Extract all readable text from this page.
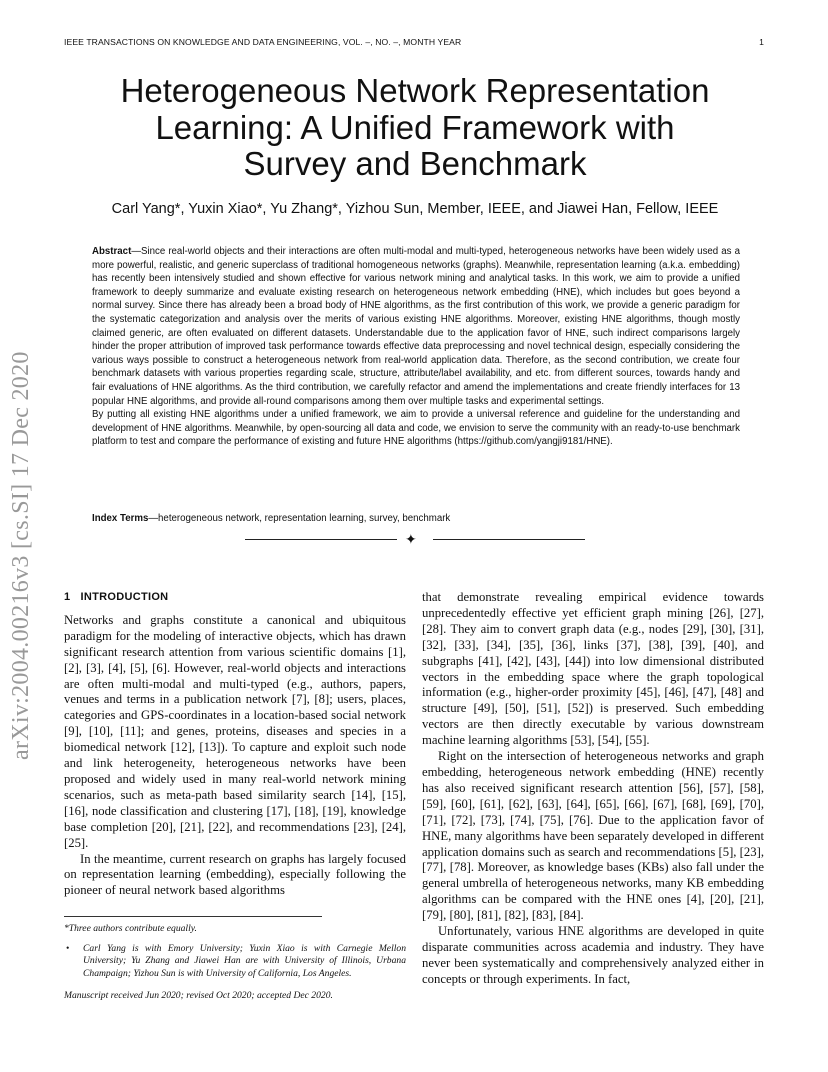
IEEE TRANSACTIONS ON KNOWLEDGE AND DATA ENGINEERING, VOL. –, NO. –, MONTH YEAR	1
arXiv:2004.00216v3 [cs.SI] 17 Dec 2020
Heterogeneous Network Representation
Learning: A Unified Framework with
Survey and Benchmark
Carl Yang*, Yuxin Xiao*, Yu Zhang*, Yizhou Sun, Member, IEEE, and Jiawei Han, Fellow, IEEE

Abstract—Since real-world objects and their interactions are often multi-modal and multi-typed, heterogeneous networks have been widely used as a more powerful, realistic, and generic superclass of traditional homogeneous networks (graphs). Meanwhile, representation learning (a.k.a. embedding) has recently been intensively studied and shown effective for various network mining and analytical tasks. In this work, we aim to provide a unified framework to deeply summarize and evaluate existing research on heterogeneous network embedding (HNE), which includes but goes beyond a normal survey. Since there has already been a broad body of HNE algorithms, as the first contribution of this work, we provide a generic paradigm for the systematic categorization and analysis over the merits of various existing HNE algorithms. Moreover, existing HNE algorithms, though mostly claimed generic, are often evaluated on different datasets. Understandable due to the application favor of HNE, such indirect comparisons largely hinder the proper attribution of improved task performance towards effective data preprocessing and novel technical design, especially considering the various ways possible to construct a heterogeneous network from real-world application data. Therefore, as the second contribution, we create four benchmark datasets with various properties regarding scale, structure, attribute/label availability, and etc. from different sources, towards handy and fair evaluations of HNE algorithms. As the third contribution, we carefully refactor and amend the implementations and create friendly interfaces for 13 popular HNE algorithms, and provide all-round comparisons among them over multiple tasks and experimental settings.

By putting all existing HNE algorithms under a unified framework, we aim to provide a universal reference and guideline for the understanding and development of HNE algorithms. Meanwhile, by open-sourcing all data and code, we envision to serve the community with an ready-to-use benchmark platform to test and compare the performance of existing and future HNE algorithms (https://github.com/yangji9181/HNE).

Index Terms—heterogeneous network, representation learning, survey, benchmark
✦
1 INTRODUCTION

Networks and graphs constitute a canonical and ubiquitous paradigm for the modeling of interactive objects, which has drawn significant research attention from various scientific domains [1], [2], [3], [4], [5], [6]. However, real-world objects and interactions are often multi-modal and multi-typed (e.g., authors, papers, venues and terms in a publication network [7], [8]; users, places, categories and GPS-coordinates in a location-based social network [9], [10], [11]; and genes, proteins, diseases and species in a biomedical network [12], [13]). To capture and exploit such node and link heterogeneity, heterogeneous networks have been proposed and widely used in many real-world network mining scenarios, such as meta-path based similarity search [14], [15], [16], node classification and clustering [17], [18], [19], knowledge base completion [20], [21], [22], and recommendations [23], [24], [25].

In the meantime, current research on graphs has largely focused on representation learning (embedding), especially following the pioneer of neural network based algorithms

*Three authors contribute equally.
• Carl Yang is with Emory University; Yuxin Xiao is with Carnegie Mellon University; Yu Zhang and Jiawei Han are with University of Illinois, Urbana Champaign; Yizhou Sun is with University of California, Los Angeles.
Manuscript received Jun 2020; revised Oct 2020; accepted Dec 2020.

that demonstrate revealing empirical evidence towards unprecedentedly effective yet efficient graph mining [26], [27], [28]. They aim to convert graph data (e.g., nodes [29], [30], [31], [32], [33], [34], [35], [36], links [37], [38], [39], [40], and subgraphs [41], [42], [43], [44]) into low dimensional distributed vectors in the embedding space where the graph topological information (e.g., higher-order proximity [45], [46], [47], [48] and structure [49], [50], [51], [52]) is preserved. Such embedding vectors are then directly executable by various downstream machine learning algorithms [53], [54], [55].

Right on the intersection of heterogeneous networks and graph embedding, heterogeneous network embedding (HNE) recently has also received significant research attention [56], [57], [58], [59], [60], [61], [62], [63], [64], [65], [66], [67], [68], [69], [70], [71], [72], [73], [74], [75], [76]. Due to the application favor of HNE, many algorithms have been separately developed in different application domains such as search and recommendations [5], [23], [77], [78]. Moreover, as knowledge bases (KBs) also fall under the general umbrella of heterogeneous networks, many KB embedding algorithms can be compared with the HNE ones [4], [20], [21], [79], [80], [81], [82], [83], [84].

Unfortunately, various HNE algorithms are developed in quite disparate communities across academia and industry. They have never been systematically and comprehensively analyzed either in concepts or through experiments. In fact,
